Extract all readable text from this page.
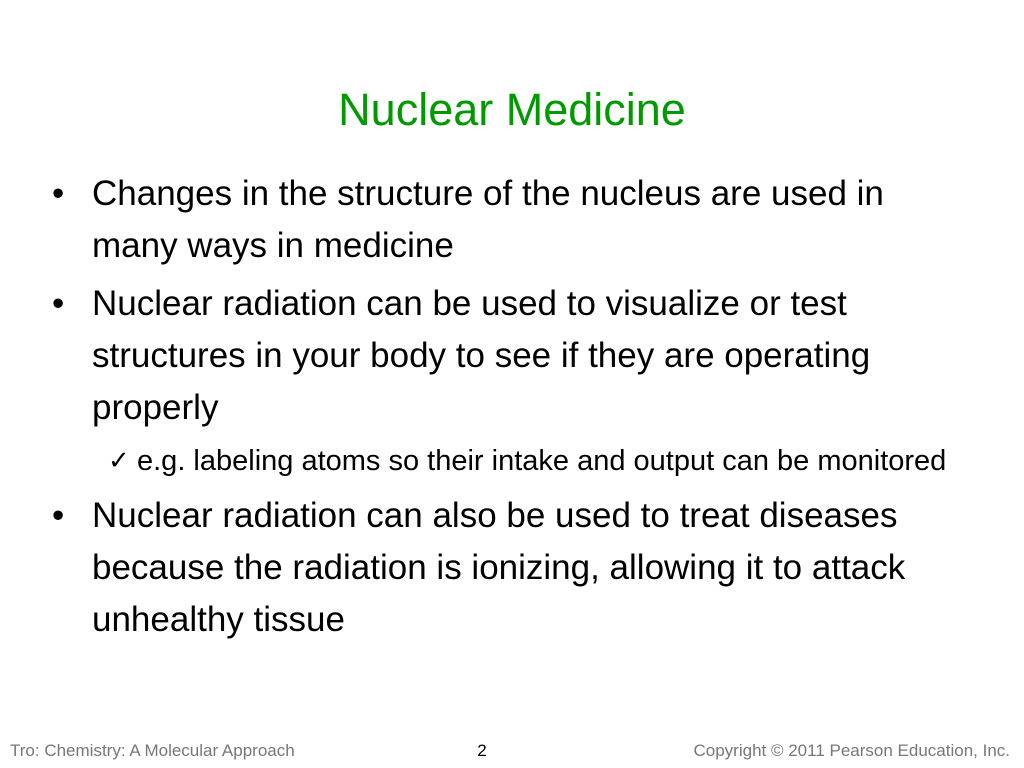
Nuclear Medicine
• Changes in the structure of the nucleus are used in many ways in medicine
• Nuclear radiation can be used to visualize or test structures in your body to see if they are operating properly
✓ e.g. labeling atoms so their intake and output can be monitored
• Nuclear radiation can also be used to treat diseases because the radiation is ionizing, allowing it to attack unhealthy tissue
Tro: Chemistry: A Molecular Approach	2	Copyright © 2011 Pearson Education, Inc.
